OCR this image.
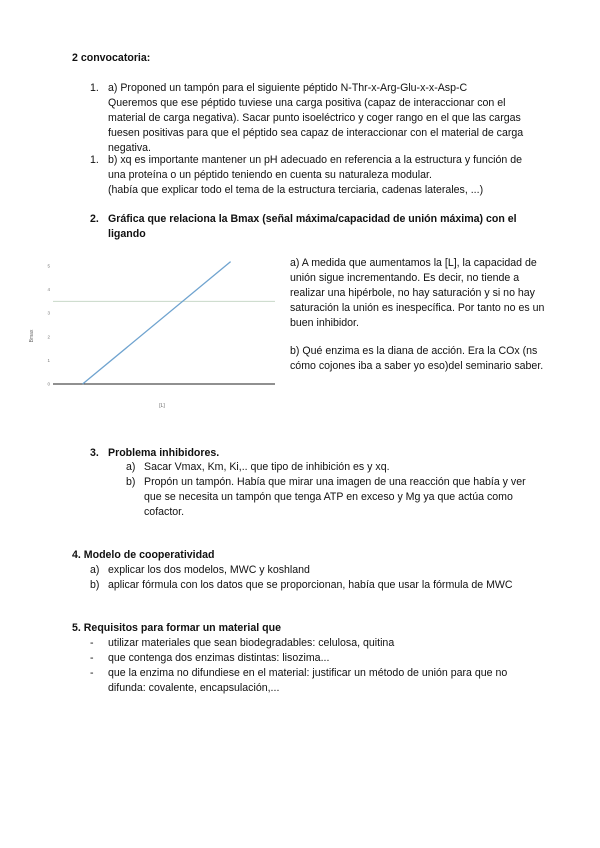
2 convocatoria:
1. a) Proponed un tampón para el siguiente péptido N-Thr-x-Arg-Glu-x-x-Asp-C
Queremos que ese péptido tuviese una carga positiva (capaz de interaccionar con el
material de carga negativa). Sacar punto isoeléctrico y coger rango en el que las cargas
fuesen positivas para que el péptido sea capaz de interaccionar con el material de carga
negativa.
1. b) xq es importante mantener un pH adecuado en referencia a la estructura y función de
una proteína o un péptido teniendo en cuenta su naturaleza modular.
(había que explicar todo el tema de la estructura terciaria, cadenas laterales, ...)
2. Gráfica que relaciona la Bmax (señal máxima/capacidad de unión máxima) con el
ligando
5
4
3
2
1
0
Bmax
[L]
a) A medida que aumentamos la [L], la capacidad de
unión sigue incrementando. Es decir, no tiende a
realizar una hipérbole, no hay saturación y si no hay
saturación la unión es inespecífica. Por tanto no es un
buen inhibidor.
b) Qué enzima es la diana de acción. Era la COx (ns
cómo cojones iba a saber yo eso)del seminario saber.
3. Problema inhibidores.
a) Sacar Vmax, Km, Ki,.. que tipo de inhibición es y xq.
b) Propón un tampón. Había que mirar una imagen de una reacción que había y ver
que se necesita un tampón que tenga ATP en exceso y Mg ya que actúa como
cofactor.
4. Modelo de cooperatividad
a) explicar los dos modelos, MWC y koshland
b) aplicar fórmula con los datos que se proporcionan, había que usar la fórmula de MWC
5. Requisitos para formar un material que
- utilizar materiales que sean biodegradables: celulosa, quitina
- que contenga dos enzimas distintas: lisozima...
- que la enzima no difundiese en el material: justificar un método de unión para que no
difunda: covalente, encapsulación,...
